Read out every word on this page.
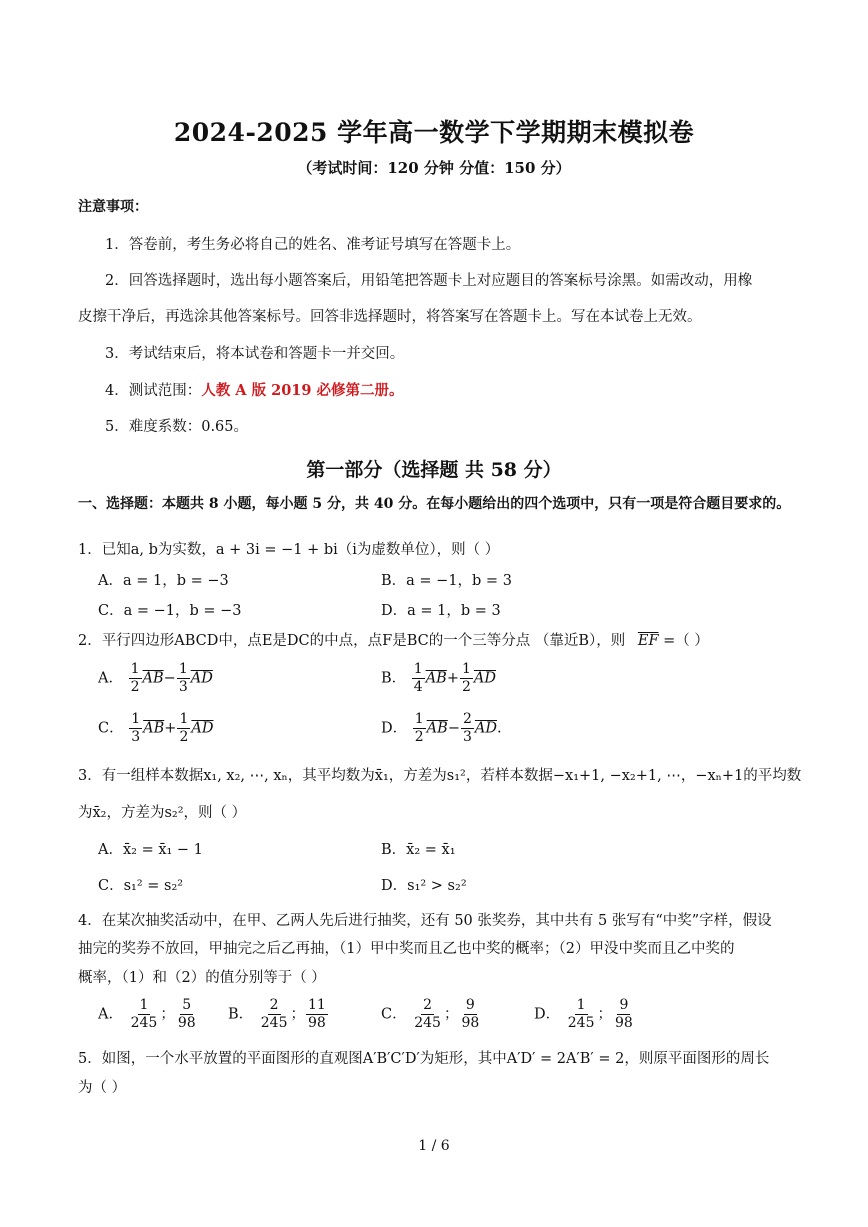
2024-2025 学年高一数学下学期期末模拟卷
（考试时间：120 分钟 分值：150 分）
注意事项：
1．答卷前，考生务必将自己的姓名、准考证号填写在答题卡上。
2．回答选择题时，选出每小题答案后，用铅笔把答题卡上对应题目的答案标号涂黑。如需改动，用橡
皮擦干净后，再选涂其他答案标号。回答非选择题时，将答案写在答题卡上。写在本试卷上无效。
3．考试结束后，将本试卷和答题卡一并交回。
4．测试范围：人教 A 版 2019 必修第二册。
5．难度系数：0.65。
第一部分（选择题 共 58 分）
一、选择题：本题共 8 小题，每小题 5 分，共 40 分。在每小题给出的四个选项中，只有一项是符合题目要求的。
1．已知a, b为实数，a + 3i = −1 + bi（i为虚数单位），则（ ）
A．a = 1，b = −3	B．a = −1，b = 3
C．a = −1，b = −3	D．a = 1，b = 3
2．平行四边形ABCD中，点E是DC的中点，点F是BC的一个三等分点 （靠近B），则 $\overline{EF}$ =（ ）
A． $\frac{1}{2} \overline{AB}- \frac{1}{3} \overline{AD}$	B． $\frac{1}{4} \overline{AB}+ \frac{1}{2} \overline{AD}$
C． $\frac{1}{3} \overline{AB}+ \frac{1}{2} \overline{AD}$	D． $\frac{1}{2} \overline{AB}- \frac{2}{3} \overline{AD}$.
3．有一组样本数据x₁, x₂, ⋯, xₙ，其平均数为x̄₁，方差为s₁²，若样本数据−x₁+1, −x₂+1, ⋯，−xₙ+1的平均数
为x̄₂，方差为s₂²，则（ ）
A．x̄₂ = x̄₁ − 1	B．x̄₂ = x̄₁
C．s₁² = s₂²	D．s₁² > s₂²
4．在某次抽奖活动中，在甲、乙两人先后进行抽奖，还有 50 张奖券，其中共有 5 张写有“中奖”字样，假设
抽完的奖券不放回，甲抽完之后乙再抽，（1）甲中奖而且乙也中奖的概率；（2）甲没中奖而且乙中奖的
概率，（1）和（2）的值分别等于（ ）
A． $\frac{1}{245}$ ； $\frac{5}{98}$ B． $\frac{2}{245}$ ； $\frac{11}{98}$	C． $\frac{2}{245}$ ； $\frac{9}{98}$	D． $\frac{1}{245}$ ； $\frac{9}{98}$
5．如图，一个水平放置的平面图形的直观图A′B′C′D′为矩形，其中A′D′ = 2A′B′ = 2，则原平面图形的周长
为（ ）
1 / 6
